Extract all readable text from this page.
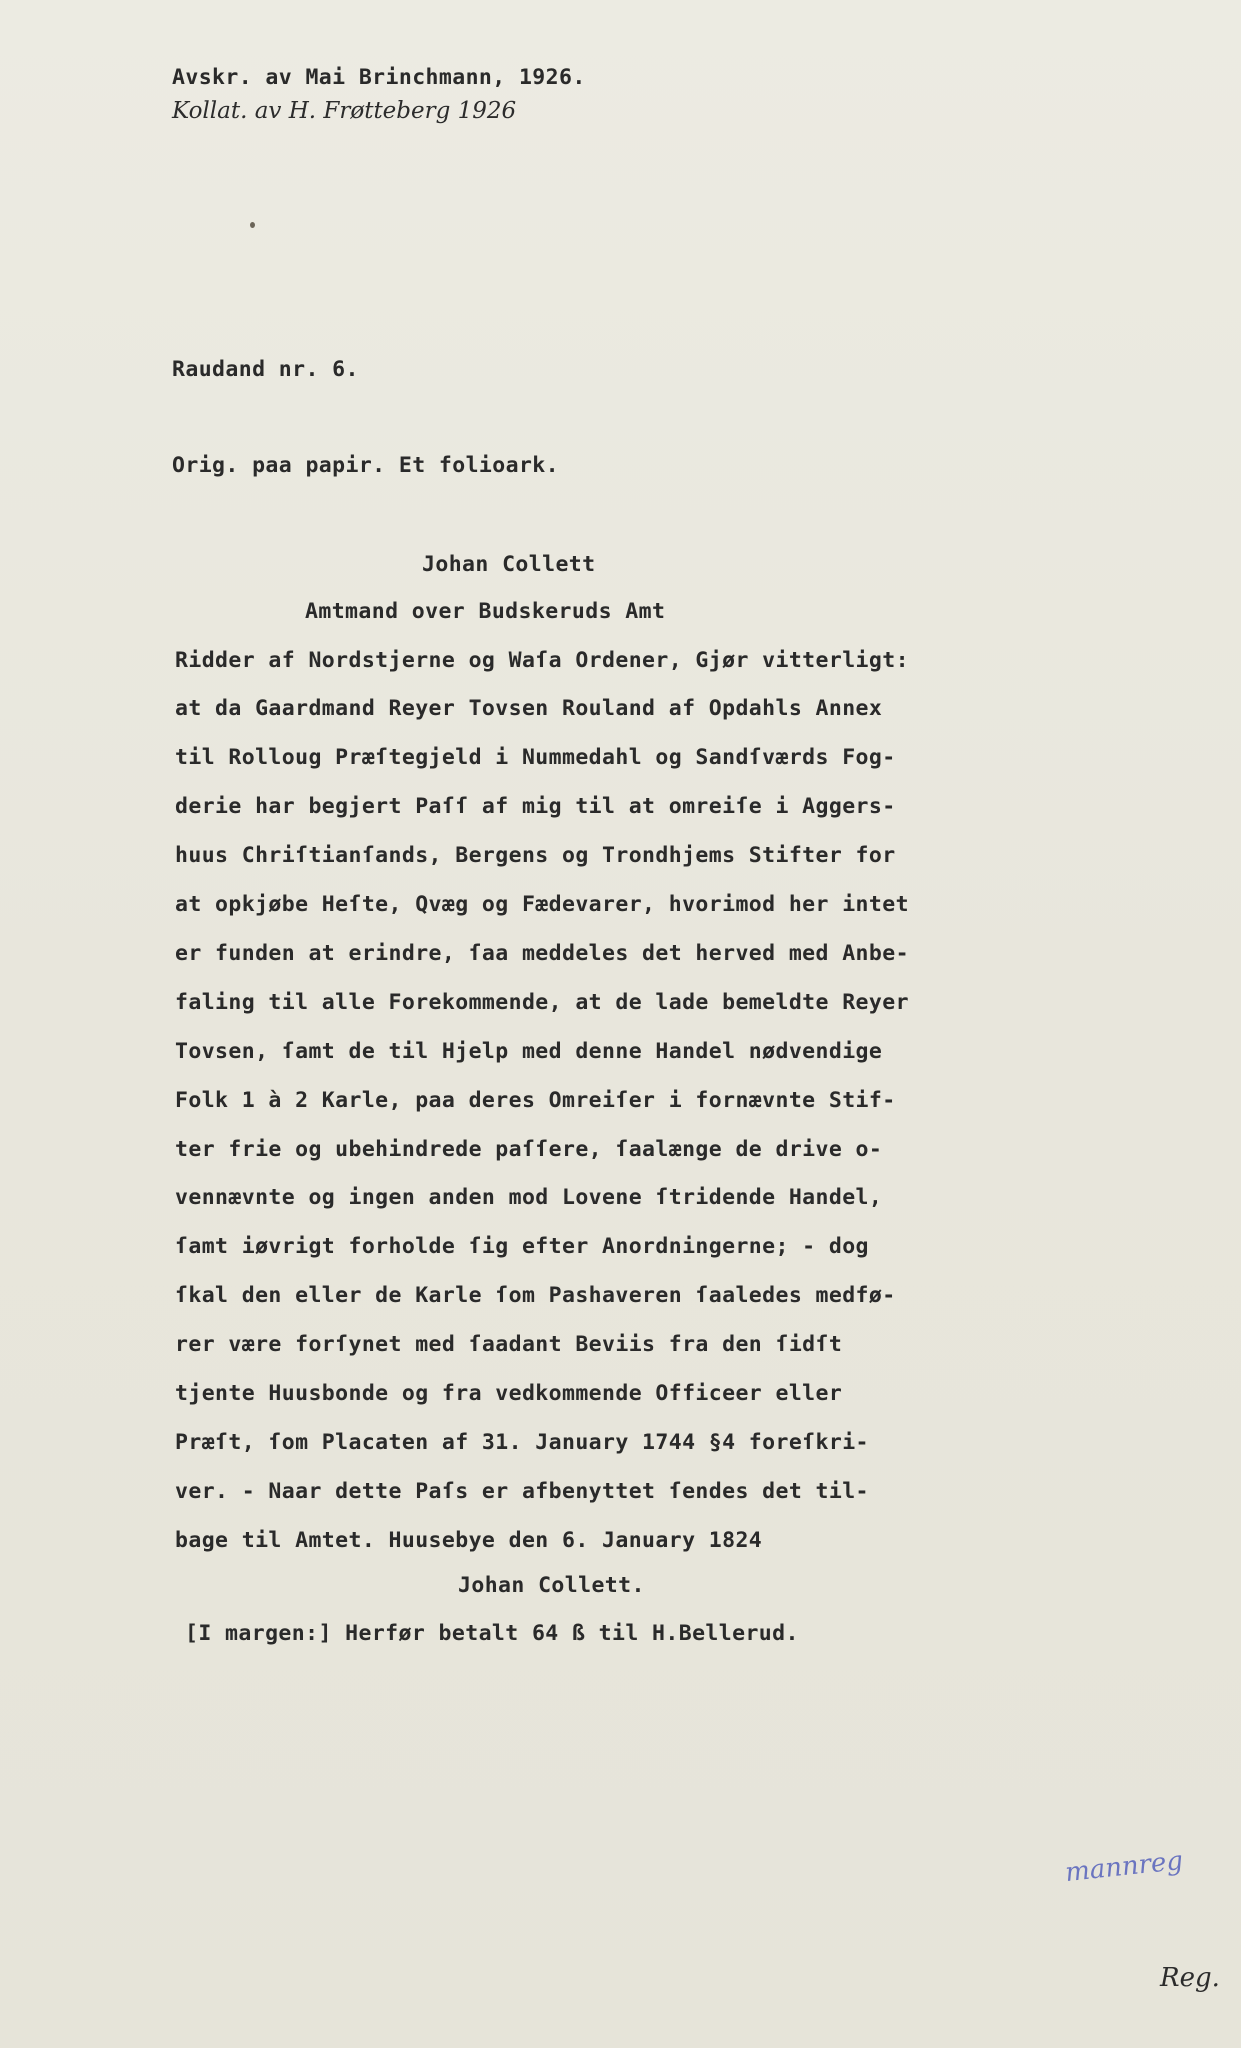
Avskr. av Mai Brinchmann, 1926.
Kollat. av H. Frøtteberg 1926
Raudand nr. 6.
Orig. paa papir. Et folioark.
Johan Collett
Amtmand over Budskeruds Amt
Ridder af Nordstjerne og Waſa Ordener, Gjør vitterligt:
at da Gaardmand Reyer Tovsen Rouland af Opdahls Annex
til Rolloug Præſtegjeld i Nummedahl og Sandſværds Fog-
derie har begjert Paſſ af mig til at omreiſe i Aggers-
huus Chriſtianſands, Bergens og Trondhjems Stifter for
at opkjøbe Heſte, Qvæg og Fædevarer, hvorimod her intet
er funden at erindre, ſaa meddeles det herved med Anbe-
faling til alle Forekommende, at de lade bemeldte Reyer
Tovsen, ſamt de til Hjelp med denne Handel nødvendige
Folk 1 à 2 Karle, paa deres Omreiſer i fornævnte Stif-
ter frie og ubehindrede paſſere, ſaalænge de drive o-
vennævnte og ingen anden mod Lovene ſtridende Handel,
ſamt iøvrigt forholde ſig efter Anordningerne; - dog
ſkal den eller de Karle ſom Pashaveren ſaaledes medfø-
rer være forſynet med ſaadant Beviis fra den ſidſt
tjente Huusbonde og fra vedkommende Officeer eller
Præſt, ſom Placaten af 31. January 1744 §4 foreſkri-
ver. - Naar dette Paſs er afbenyttet ſendes det til-
bage til Amtet. Huusebye den 6. January 1824
Johan Collett.
[I margen:] Herfør betalt 64 ß til H.Bellerud.
mannreg
Reg.
